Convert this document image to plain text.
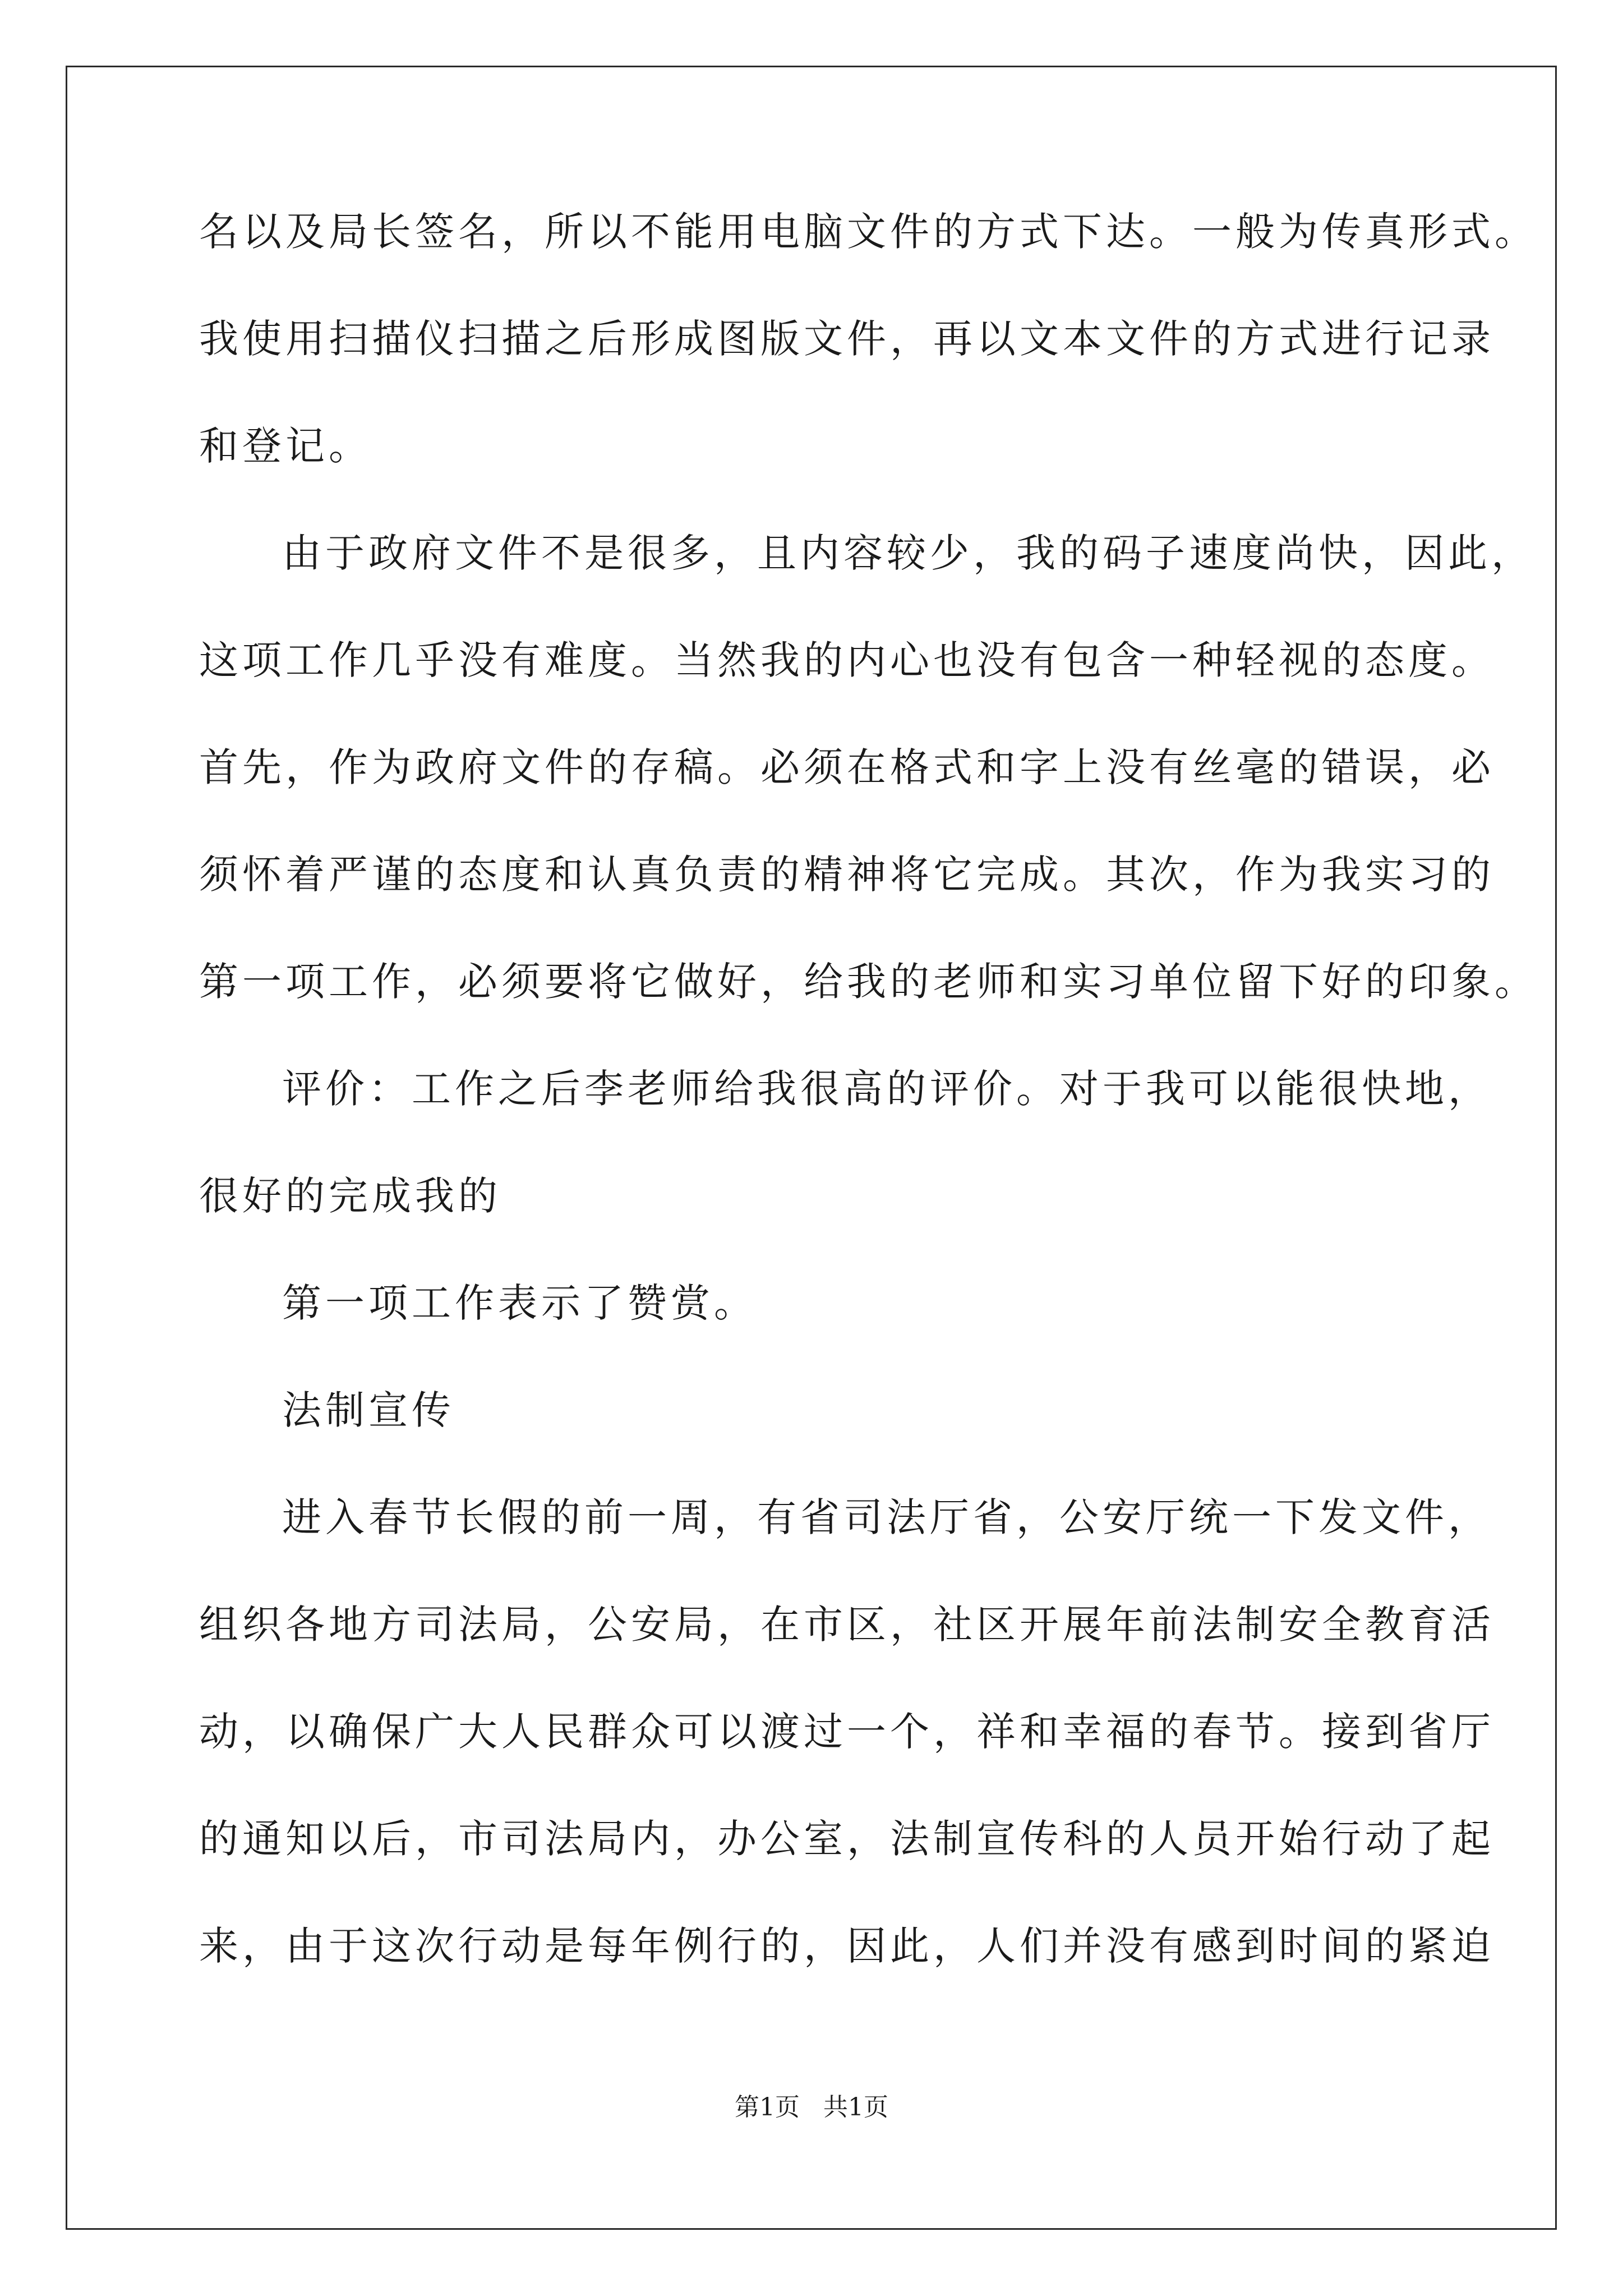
名以及局长签名，所以不能用电脑文件的方式下达。一般为传真形式。
我使用扫描仪扫描之后形成图版文件，再以文本文件的方式进行记录
和登记。
由于政府文件不是很多，且内容较少，我的码子速度尚快，因此，
这项工作几乎没有难度。当然我的内心也没有包含一种轻视的态度。
首先，作为政府文件的存稿。必须在格式和字上没有丝毫的错误，必
须怀着严谨的态度和认真负责的精神将它完成。其次，作为我实习的
第一项工作，必须要将它做好，给我的老师和实习单位留下好的印象。
评价：工作之后李老师给我很高的评价。对于我可以能很快地，
很好的完成我的
第一项工作表示了赞赏。
法制宣传
进入春节长假的前一周，有省司法厅省，公安厅统一下发文件，
组织各地方司法局，公安局，在市区，社区开展年前法制安全教育活
动，以确保广大人民群众可以渡过一个，祥和幸福的春节。接到省厅
的通知以后，市司法局内，办公室，法制宣传科的人员开始行动了起
来，由于这次行动是每年例行的，因此，人们并没有感到时间的紧迫
第1页 共1页
